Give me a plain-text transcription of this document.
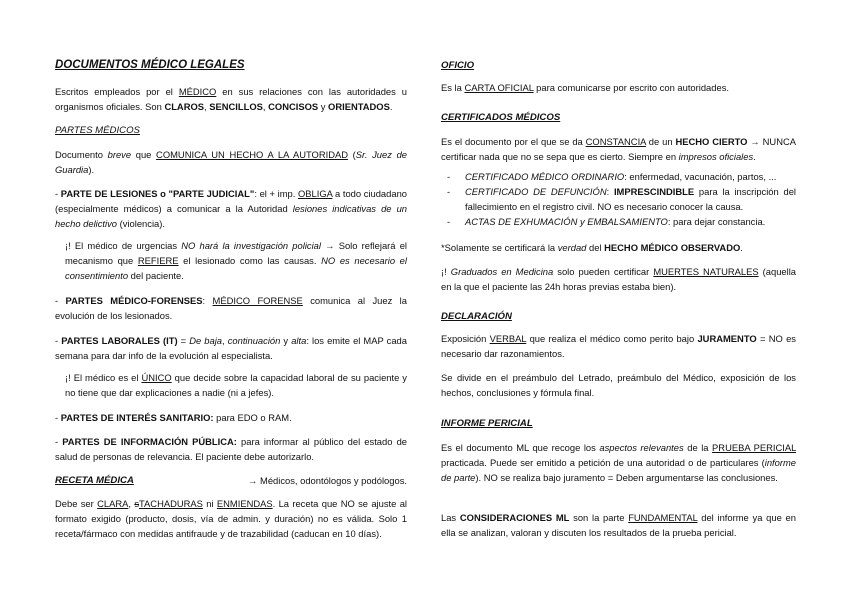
DOCUMENTOS MÉDICO LEGALES

Escritos empleados por el MÉDICO en sus relaciones con las autoridades u organismos oficiales. Son CLAROS, SENCILLOS, CONCISOS y ORIENTADOS.

PARTES MÉDICOS

Documento breve que COMUNICA UN HECHO A LA AUTORIDAD (Sr. Juez de Guardia).

- PARTE DE LESIONES o "PARTE JUDICIAL": el + imp. OBLIGA a todo ciudadano (especialmente médicos) a comunicar a la Autoridad lesiones indicativas de un hecho delictivo (violencia).

¡! El médico de urgencias NO hará la investigación policial → Solo reflejará el mecanismo que REFIERE el lesionado como las causas. NO es necesario el consentimiento del paciente.

- PARTES MÉDICO-FORENSES: MÉDICO FORENSE comunica al Juez la evolución de los lesionados.

- PARTES LABORALES (IT) = De baja, continuación y alta: los emite el MAP cada semana para dar info de la evolución al especialista.

¡! El médico es el ÚNICO que decide sobre la capacidad laboral de su paciente y no tiene que dar explicaciones a nadie (ni a jefes).

- PARTES DE INTERÉS SANITARIO: para EDO o RAM.

- PARTES DE INFORMACIÓN PÚBLICA: para informar al público del estado de salud de personas de relevancia. El paciente debe autorizarlo.

RECETA MÉDICA	→ Médicos, odontólogos y podólogos.

Debe ser CLARA, sTACHADURAS ni ENMIENDAS. La receta que NO se ajuste al formato exigido (producto, dosis, vía de admin. y duración) no es válida. Solo 1 receta/fármaco con medidas antifraude y de trazabilidad (caducan en 10 días).

OFICIO

Es la CARTA OFICIAL para comunicarse por escrito con autoridades.

CERTIFICADOS MÉDICOS

Es el documento por el que se da CONSTANCIA de un HECHO CIERTO → NUNCA certificar nada que no se sepa que es cierto. Siempre en impresos oficiales.

- CERTIFICADO MÉDICO ORDINARIO: enfermedad, vacunación, partos, ...
- CERTIFICADO DE DEFUNCIÓN: IMPRESCINDIBLE para la inscripción del fallecimiento en el registro civil. NO es necesario conocer la causa.
- ACTAS DE EXHUMACIÓN y EMBALSAMIENTO: para dejar constancia.

*Solamente se certificará la verdad del HECHO MÉDICO OBSERVADO.

¡! Graduados en Medicina solo pueden certificar MUERTES NATURALES (aquella en la que el paciente las 24h horas previas estaba bien).

DECLARACIÓN

Exposición VERBAL que realiza el médico como perito bajo JURAMENTO = NO es necesario dar razonamientos.

Se divide en el preámbulo del Letrado, preámbulo del Médico, exposición de los hechos, conclusiones y fórmula final.

INFORME PERICIAL

Es el documento ML que recoge los aspectos relevantes de la PRUEBA PERICIAL practicada. Puede ser emitido a petición de una autoridad o de particulares (informe de parte). NO se realiza bajo juramento = Deben argumentarse las conclusiones.

Las CONSIDERACIONES ML son la parte FUNDAMENTAL del informe ya que en ella se analizan, valoran y discuten los resultados de la prueba pericial.
